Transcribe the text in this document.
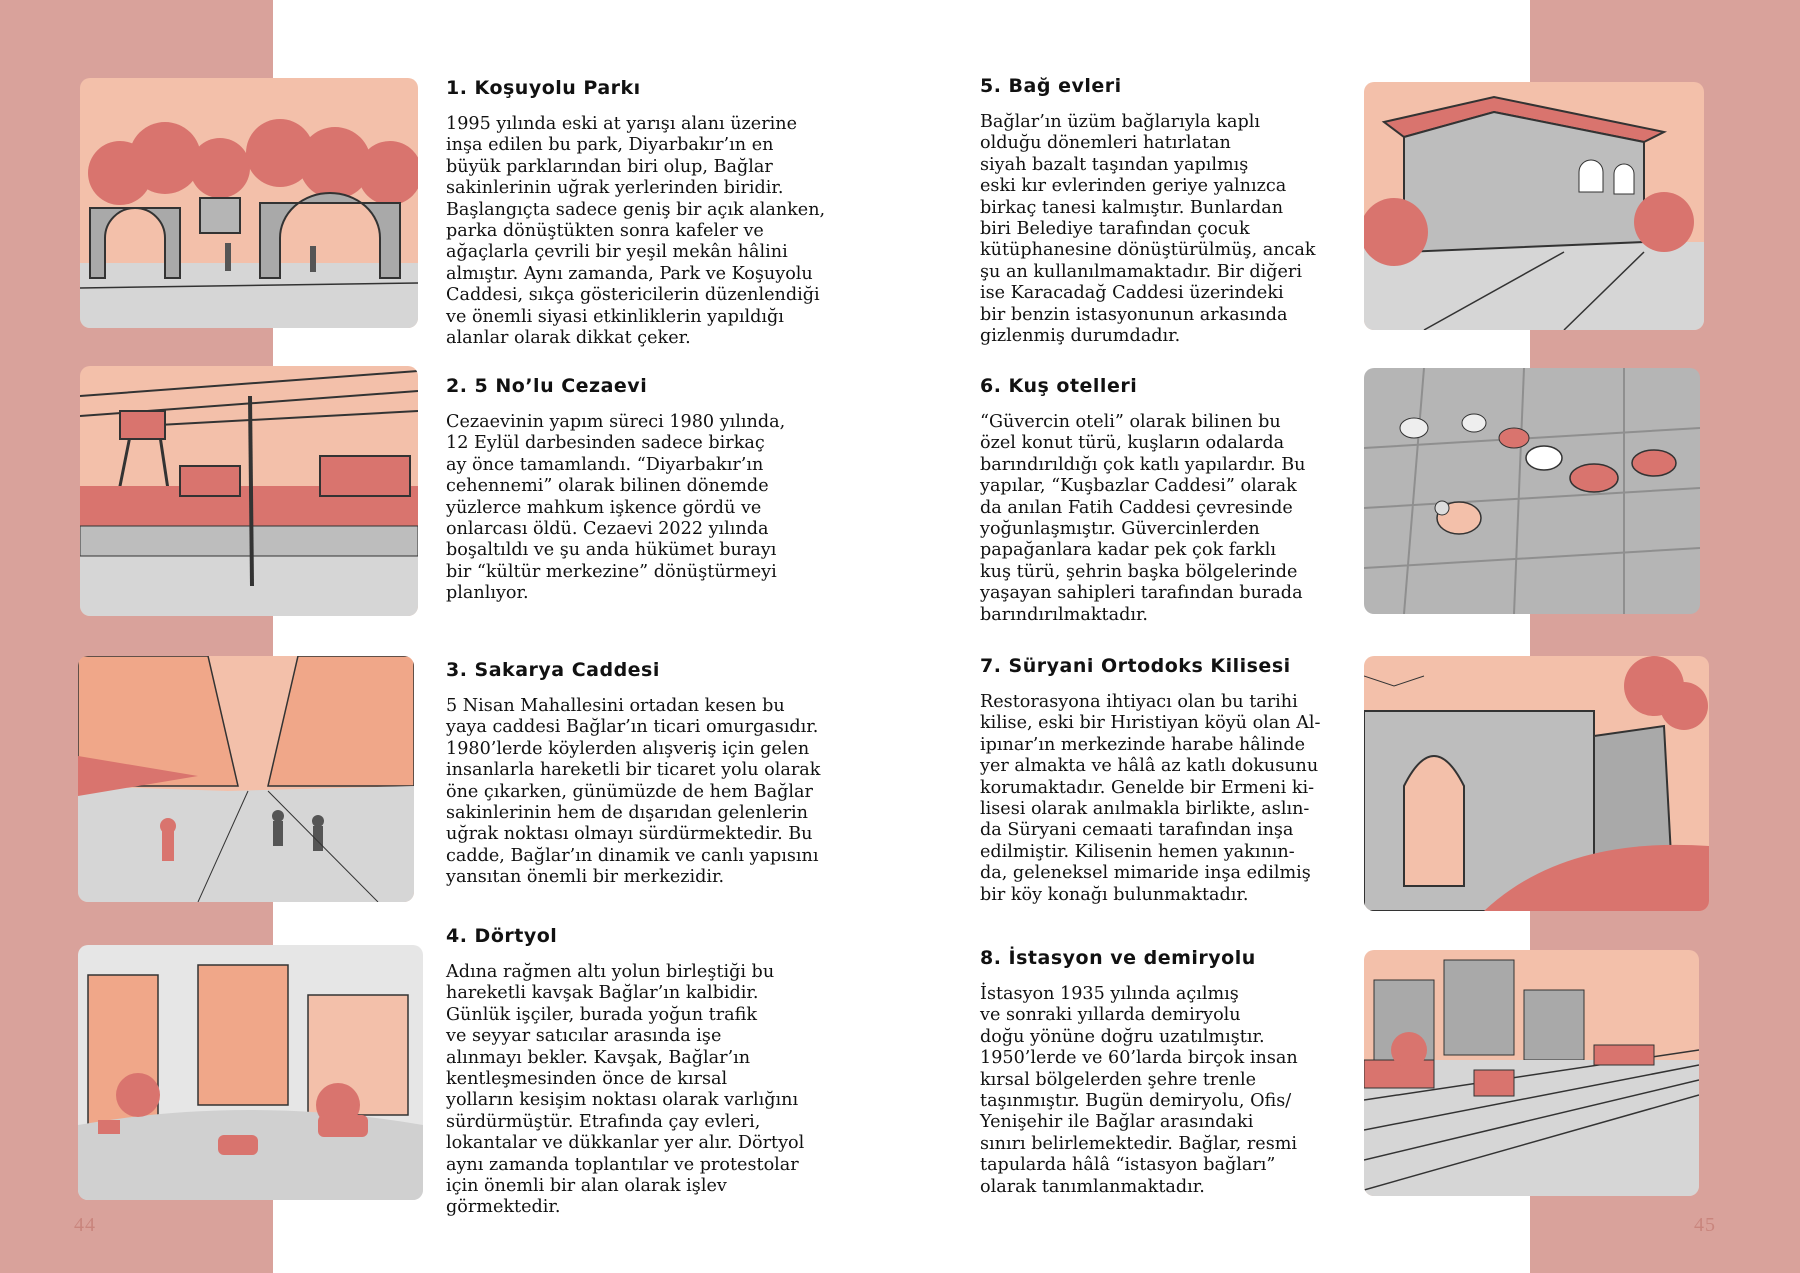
1. Koşuyolu Parkı

1995 yılında eski at yarışı alanı üzerine
inşa edilen bu park, Diyarbakır’ın en
büyük parklarından biri olup, Bağlar
sakinlerinin uğrak yerlerinden biridir.
Başlangıçta sadece geniş bir açık alanken,
parka dönüştükten sonra kafeler ve
ağaçlarla çevrili bir yeşil mekân hâlini
almıştır. Aynı zamanda, Park ve Koşuyolu
Caddesi, sıkça göstericilerin düzenlendiği
ve önemli siyasi etkinliklerin yapıldığı
alanlar olarak dikkat çeker.

2. 5 No’lu Cezaevi

Cezaevinin yapım süreci 1980 yılında,
12 Eylül darbesinden sadece birkaç
ay önce tamamlandı. “Diyarbakır’ın
cehennemi” olarak bilinen dönemde
yüzlerce mahkum işkence gördü ve
onlarcası öldü. Cezaevi 2022 yılında
boşaltıldı ve şu anda hükümet burayı
bir “kültür merkezine” dönüştürmeyi
planlıyor.

3. Sakarya Caddesi

5 Nisan Mahallesini ortadan kesen bu
yaya caddesi Bağlar’ın ticari omurgasıdır.
1980’lerde köylerden alışveriş için gelen
insanlarla hareketli bir ticaret yolu olarak
öne çıkarken, günümüzde de hem Bağlar
sakinlerinin hem de dışarıdan gelenlerin
uğrak noktası olmayı sürdürmektedir. Bu
cadde, Bağlar’ın dinamik ve canlı yapısını
yansıtan önemli bir merkezidir.

4. Dörtyol

Adına rağmen altı yolun birleştiği bu
hareketli kavşak Bağlar’ın kalbidir.
Günlük işçiler, burada yoğun trafik
ve seyyar satıcılar arasında işe
alınmayı bekler. Kavşak, Bağlar’ın
kentleşmesinden önce de kırsal
yolların kesişim noktası olarak varlığını
sürdürmüştür. Etrafında çay evleri,
lokantalar ve dükkanlar yer alır. Dörtyol
aynı zamanda toplantılar ve protestolar
için önemli bir alan olarak işlev
görmektedir.

5. Bağ evleri

Bağlar’ın üzüm bağlarıyla kaplı
olduğu dönemleri hatırlatan
siyah bazalt taşından yapılmış
eski kır evlerinden geriye yalnızca
birkaç tanesi kalmıştır. Bunlardan
biri Belediye tarafından çocuk
kütüphanesine dönüştürülmüş, ancak
şu an kullanılmamaktadır. Bir diğeri
ise Karacadağ Caddesi üzerindeki
bir benzin istasyonunun arkasında
gizlenmiş durumdadır.

6. Kuş otelleri

“Güvercin oteli” olarak bilinen bu
özel konut türü, kuşların odalarda
barındırıldığı çok katlı yapılardır. Bu
yapılar, “Kuşbazlar Caddesi” olarak
da anılan Fatih Caddesi çevresinde
yoğunlaşmıştır. Güvercinlerden
papağanlara kadar pek çok farklı
kuş türü, şehrin başka bölgelerinde
yaşayan sahipleri tarafından burada
barındırılmaktadır.

7. Süryani Ortodoks Kilisesi

Restorasyona ihtiyacı olan bu tarihi
kilise, eski bir Hıristiyan köyü olan Al-
ipınar’ın merkezinde harabe hâlinde
yer almakta ve hâlâ az katlı dokusunu
korumaktadır. Genelde bir Ermeni ki-
lisesi olarak anılmakla birlikte, aslın-
da Süryani cemaati tarafından inşa
edilmiştir. Kilisenin hemen yakının-
da, geleneksel mimaride inşa edilmiş
bir köy konağı bulunmaktadır.

8. İstasyon ve demiryolu

İstasyon 1935 yılında açılmış
ve sonraki yıllarda demiryolu
doğu yönüne doğru uzatılmıştır.
1950’lerde ve 60’larda birçok insan
kırsal bölgelerden şehre trenle
taşınmıştır. Bugün demiryolu, Ofis/
Yenişehir ile Bağlar arasındaki
sınırı belirlemektedir. Bağlar, resmi
tapularda hâlâ “istasyon bağları”
olarak tanımlanmaktadır.

44	45
